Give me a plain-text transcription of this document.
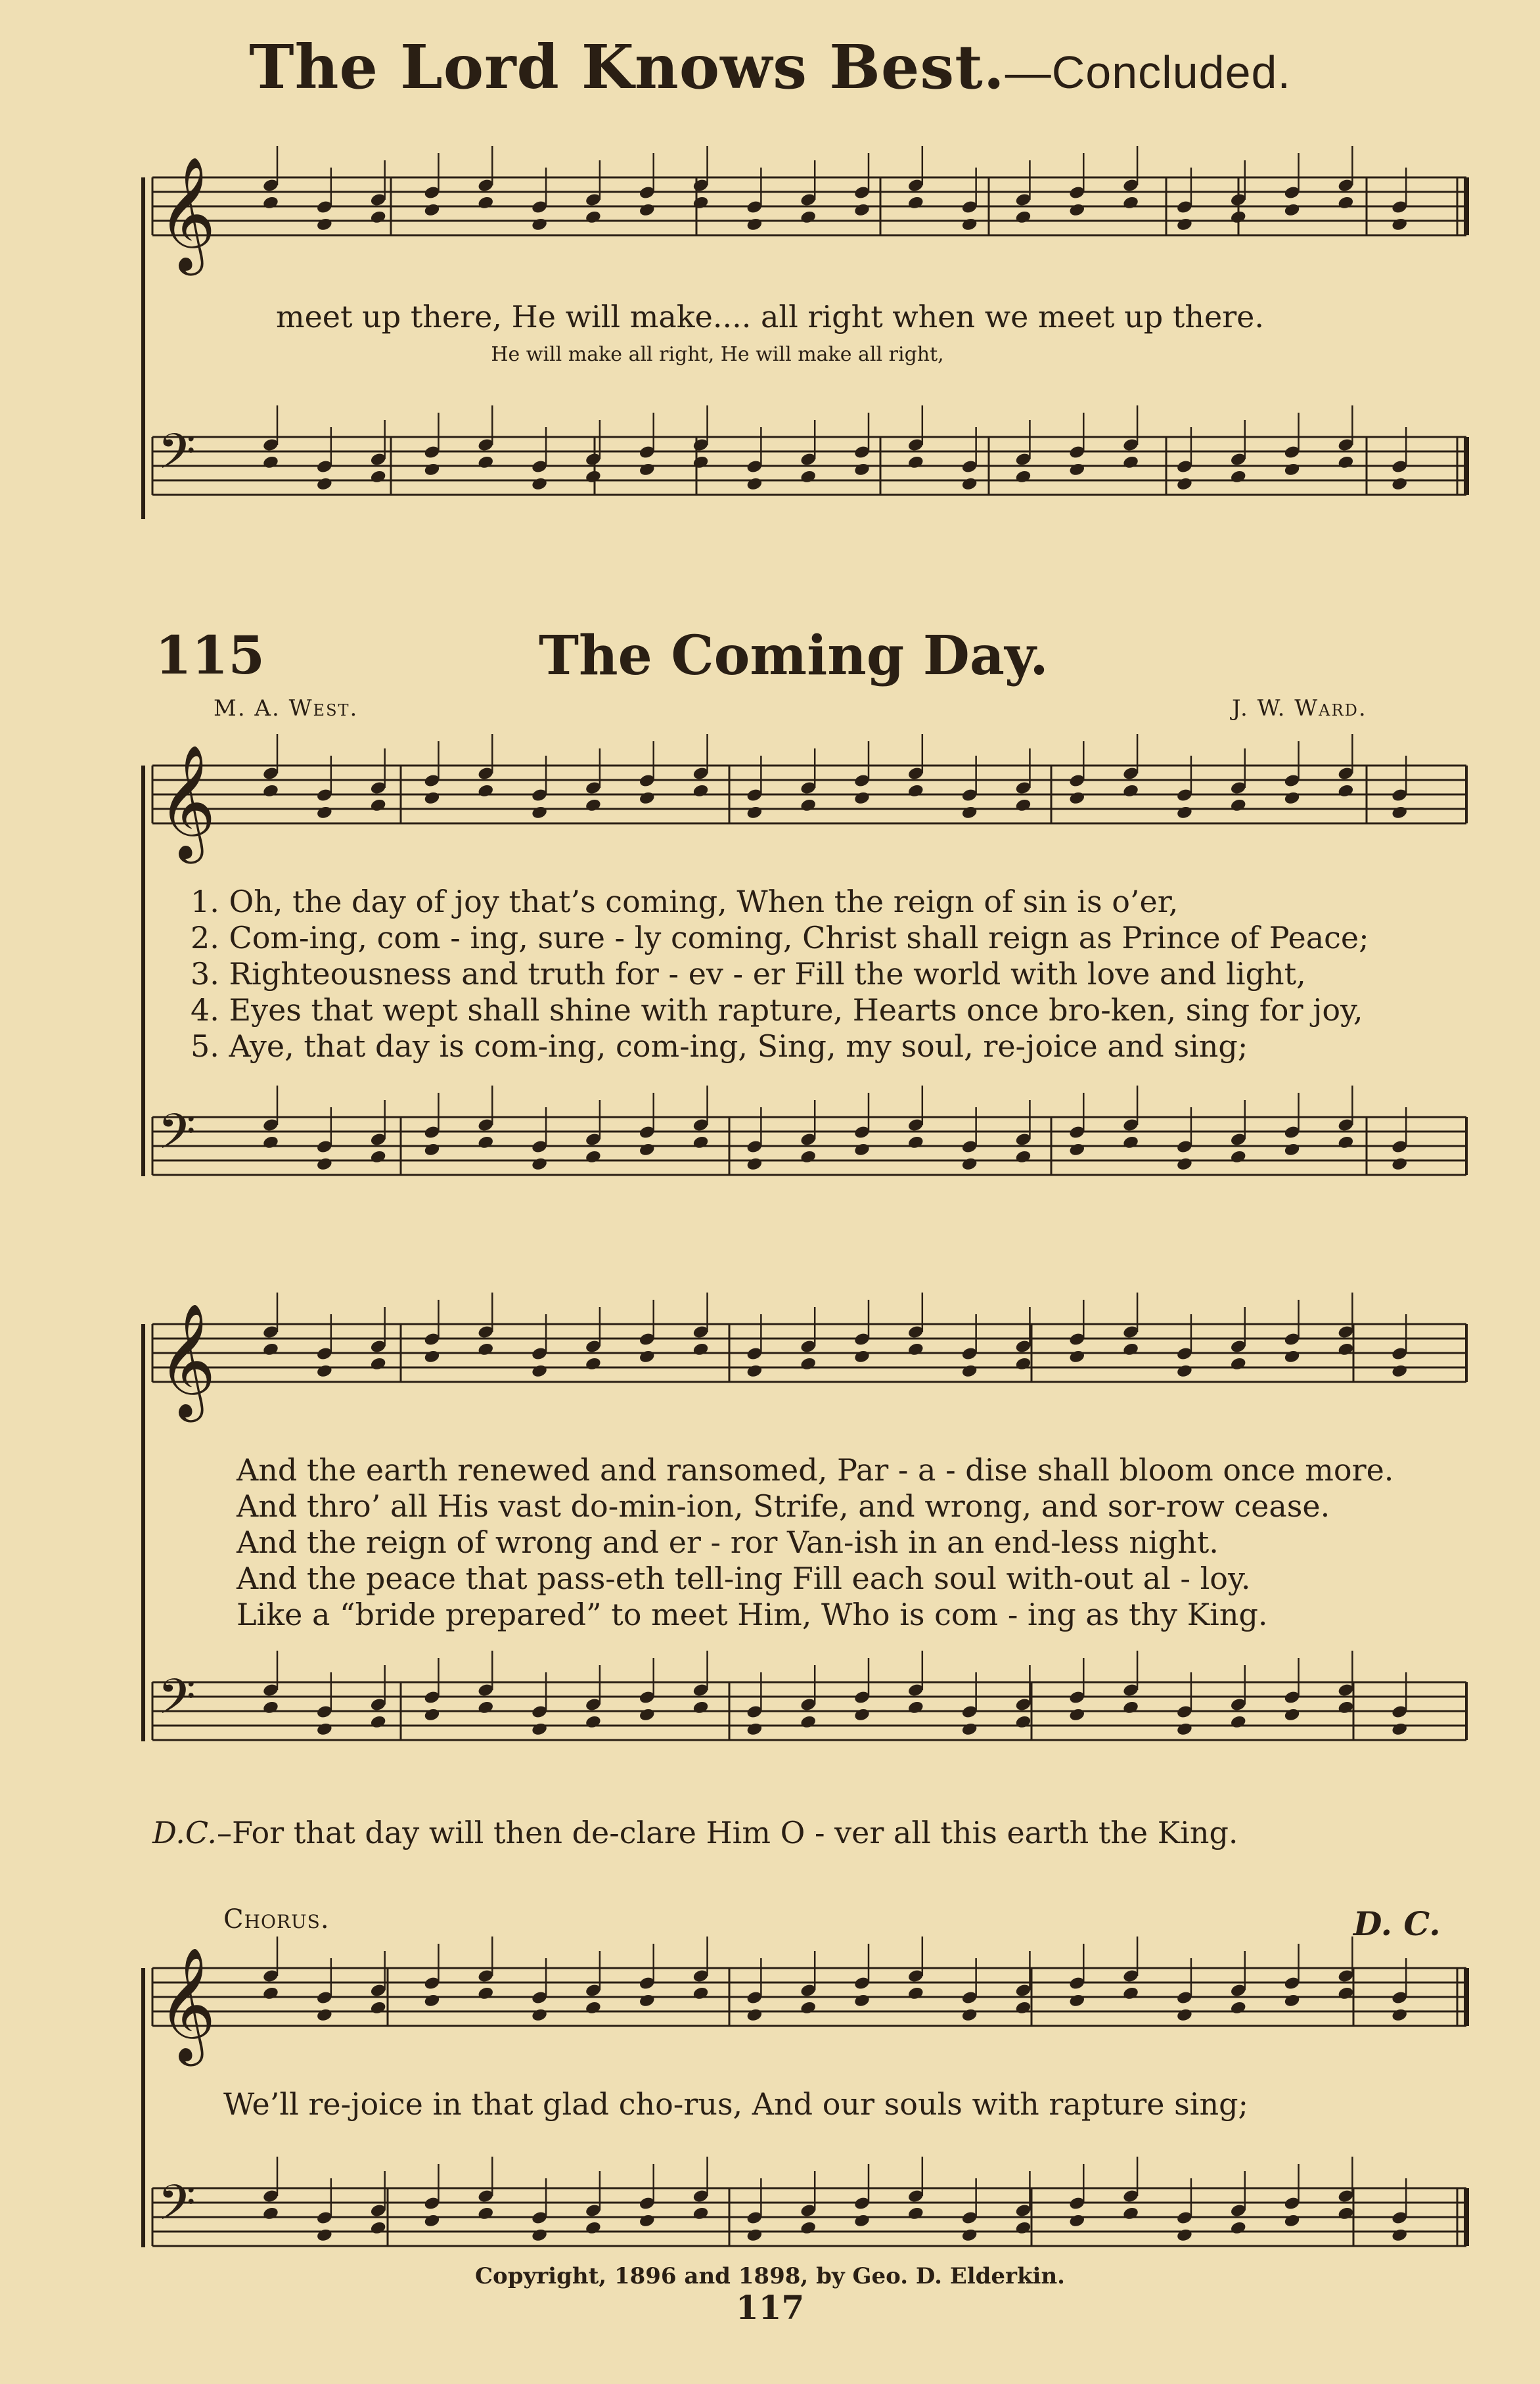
The Lord Knows Best.—Concluded.
𝄞
𝄢
𝄞
𝄢
𝄞
𝄢
𝄞
𝄢
meet up there, He will make.... all right when we meet up there.
He will make all right, He will make all right,
115	The Coming Day.
M. A. West.	J. W. Ward.
1. Oh, the day of joy that’s coming, When the reign of sin is o’er,
2. Com-ing, com - ing, sure - ly coming, Christ shall reign as Prince of Peace;
3. Righteousness and truth for - ev - er Fill the world with love and light,
4. Eyes that wept shall shine with rapture, Hearts once bro-ken, sing for joy,
5. Aye, that day is com-ing, com-ing, Sing, my soul, re-joice and sing;
And the earth renewed and ransomed, Par - a - dise shall bloom once more.
And thro’ all His vast do-min-ion, Strife, and wrong, and sor-row cease.
And the reign of wrong and er - ror Van-ish in an end-less night.
And the peace that pass-eth tell-ing Fill each soul with-out al - loy.
Like a “bride prepared” to meet Him, Who is com - ing as thy King.
D.C.–For that day will then de-clare Him O - ver all this earth the King.
Chorus.	D. C.
We’ll re-joice in that glad cho-rus, And our souls with rapture sing;
Copyright, 1896 and 1898, by Geo. D. Elderkin.
117
